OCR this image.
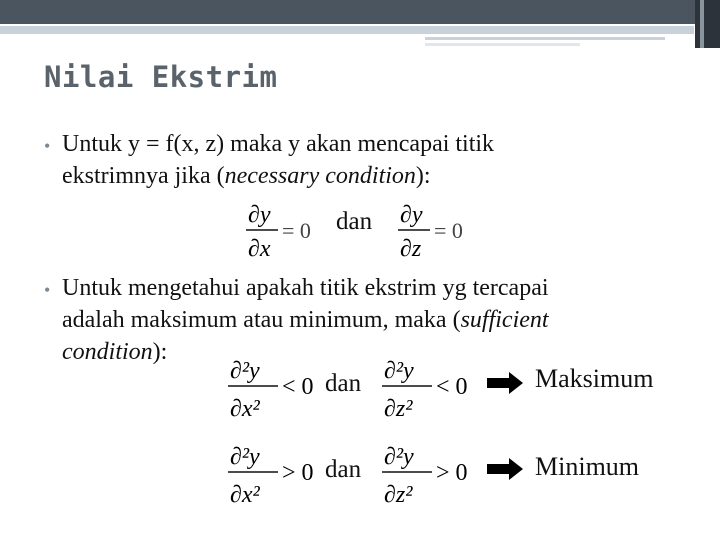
Nilai Ekstrim
• Untuk y = f(x, z) maka y akan mencapai titik
ekstrimnya jika (necessary condition):
∂y
∂x
= 0 dan ∂y
∂z
= 0
• Untuk mengetahui apakah titik ekstrim yg tercapai
adalah maksimum atau minimum, maka (sufficient
condition):
∂²y
∂x²
< 0 dan ∂²y
∂z²
< 0	Maksimum
∂²y
∂x²
> 0 dan ∂²y
∂z²
> 0	Minimum
